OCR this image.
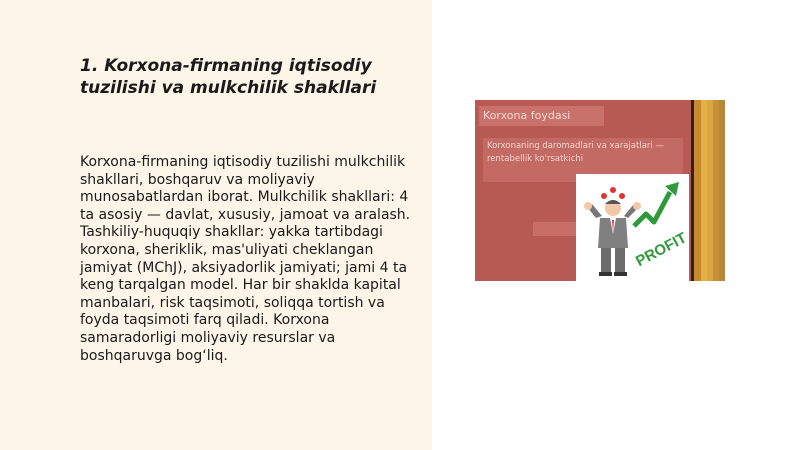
1. Korxona-firmaning iqtisodiy tuzilishi va mulkchilik shakllari

Korxona-firmaning iqtisodiy tuzilishi mulkchilik shakllari, boshqaruv va moliyaviy munosabatlardan iborat. Mulkchilik shakllari: 4 ta asosiy — davlat, xususiy, jamoat va aralash. Tashkiliy-huquqiy shakllar: yakka tartibdagi korxona, sheriklik, mas'uliyati cheklangan jamiyat (MChJ), aksiyadorlik jamiyati; jami 4 ta keng tarqalgan model. Har bir shaklda kapital manbalari, risk taqsimoti, soliqqa tortish va foyda taqsimoti farq qiladi. Korxona samaradorligi moliyaviy resurslar va boshqaruvga bog‘liq.

Korxona foydasi
Korxonaning daromadlari va xarajatlari — rentabellik ko'rsatkichi
PROFIT
